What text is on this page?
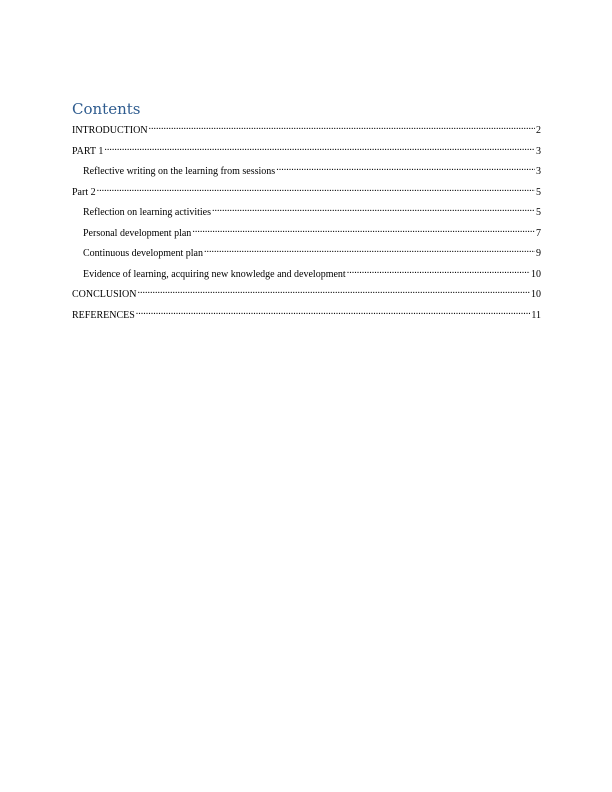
Contents
INTRODUCTION .....	2
PART 1 .....	3
Reflective writing on the learning from sessions .....	3
Part 2 .....	5
Reflection on learning activities .....	5
Personal development plan .....	7
Continuous development plan .....	9
Evidence of learning, acquiring new knowledge and development .....	10
CONCLUSION .....	10
REFERENCES .....	11
